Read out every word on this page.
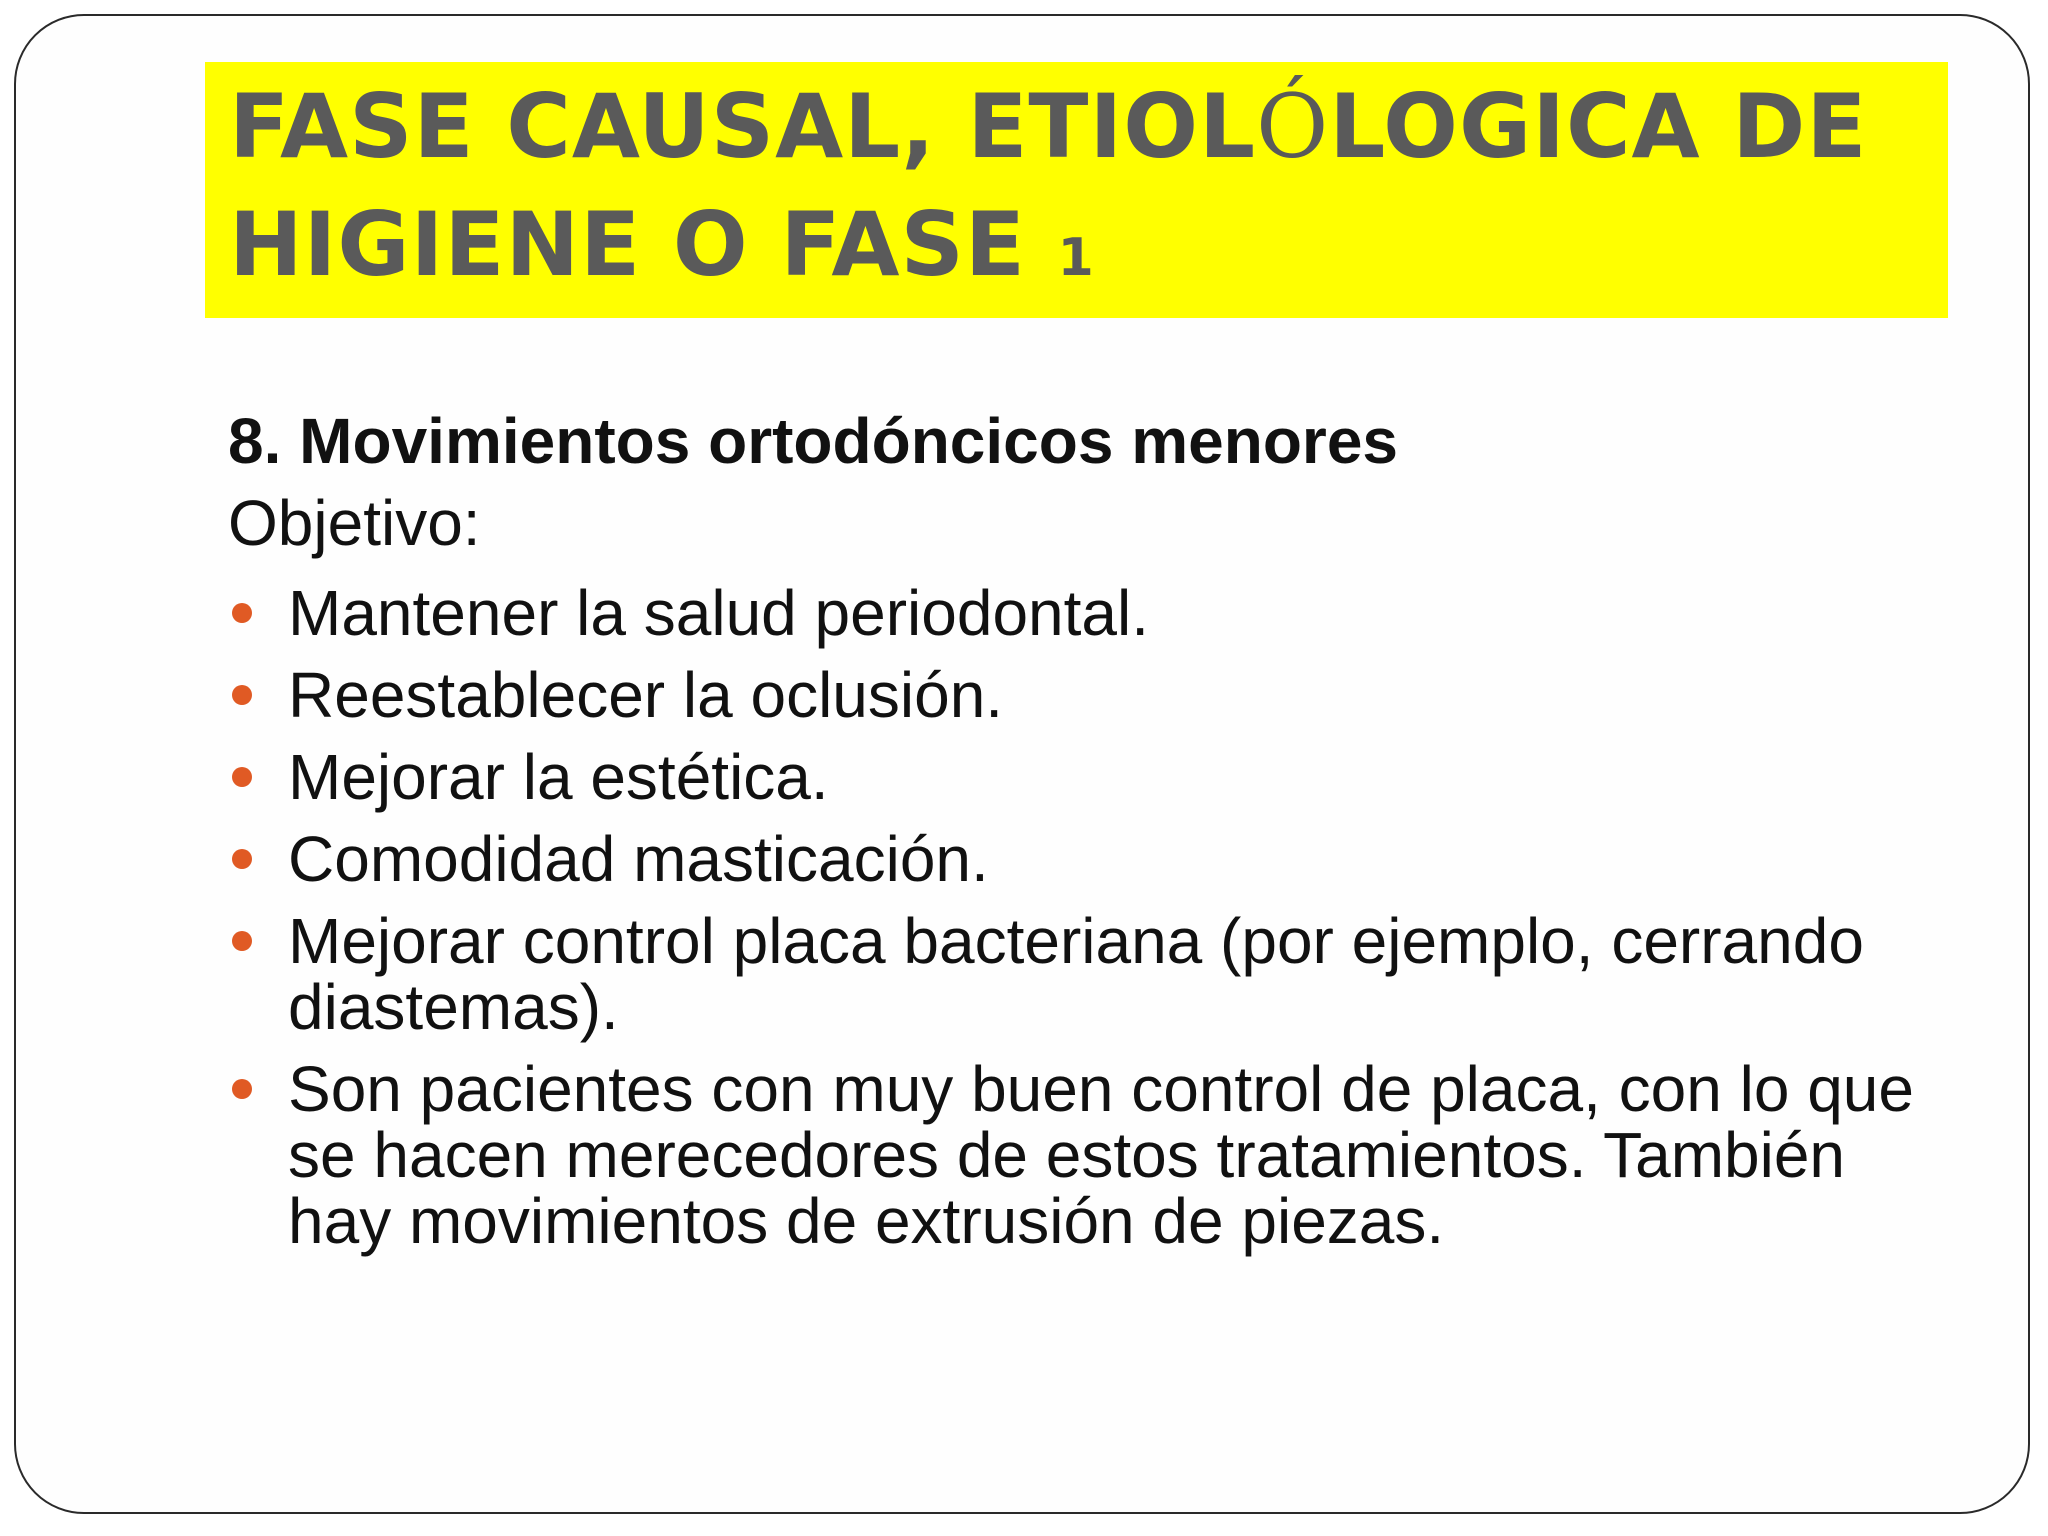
FASE CAUSAL, ETIOLÓLOGICA DE
HIGIENE O FASE 1

8. Movimientos ortodóncicos menores

Objetivo:

Mantener la salud periodontal.
Reestablecer la oclusión.
Mejorar la estética.
Comodidad masticación.
Mejorar control placa bacteriana (por ejemplo, cerrando diastemas).
Son pacientes con muy buen control de placa, con lo que se hacen merecedores de estos tratamientos. También hay movimientos de extrusión de piezas.
